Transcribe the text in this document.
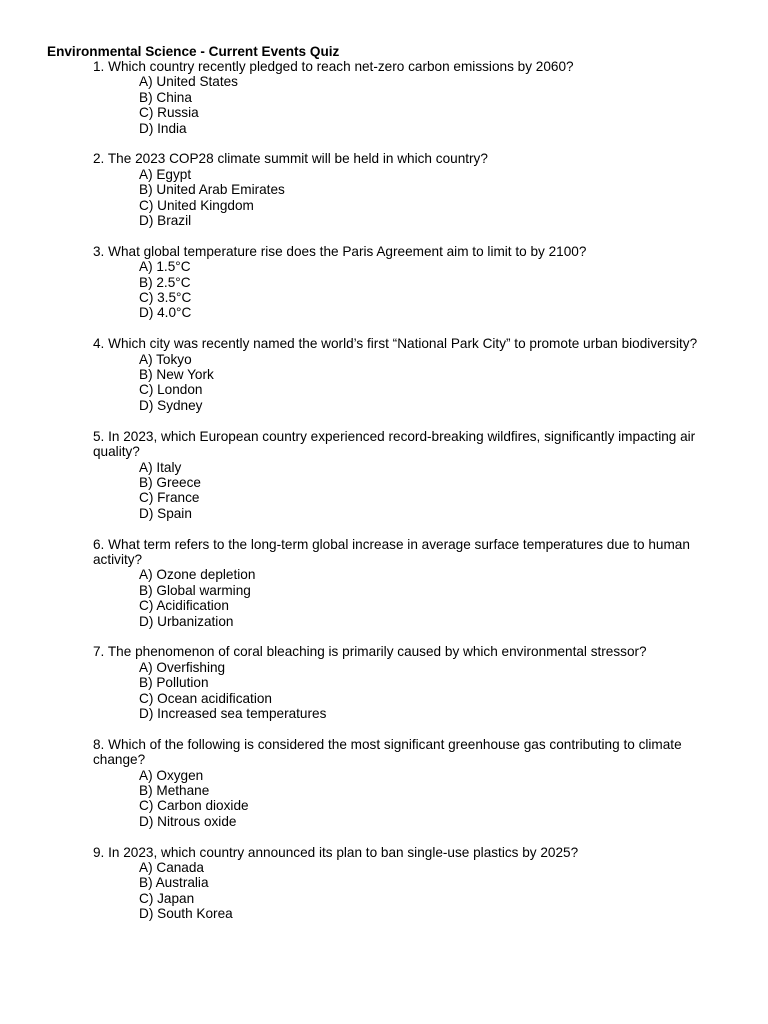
Environmental Science - Current Events Quiz
1. Which country recently pledged to reach net-zero carbon emissions by 2060?
A) United States
B) China
C) Russia
D) India
2. The 2023 COP28 climate summit will be held in which country?
A) Egypt
B) United Arab Emirates
C) United Kingdom
D) Brazil
3. What global temperature rise does the Paris Agreement aim to limit to by 2100?
A) 1.5°C
B) 2.5°C
C) 3.5°C
D) 4.0°C
4. Which city was recently named the world’s first “National Park City” to promote urban biodiversity?
A) Tokyo
B) New York
C) London
D) Sydney
5. In 2023, which European country experienced record-breaking wildfires, significantly impacting air quality?
A) Italy
B) Greece
C) France
D) Spain
6. What term refers to the long-term global increase in average surface temperatures due to human activity?
A) Ozone depletion
B) Global warming
C) Acidification
D) Urbanization
7. The phenomenon of coral bleaching is primarily caused by which environmental stressor?
A) Overfishing
B) Pollution
C) Ocean acidification
D) Increased sea temperatures
8. Which of the following is considered the most significant greenhouse gas contributing to climate change?
A) Oxygen
B) Methane
C) Carbon dioxide
D) Nitrous oxide
9. In 2023, which country announced its plan to ban single-use plastics by 2025?
A) Canada
B) Australia
C) Japan
D) South Korea
